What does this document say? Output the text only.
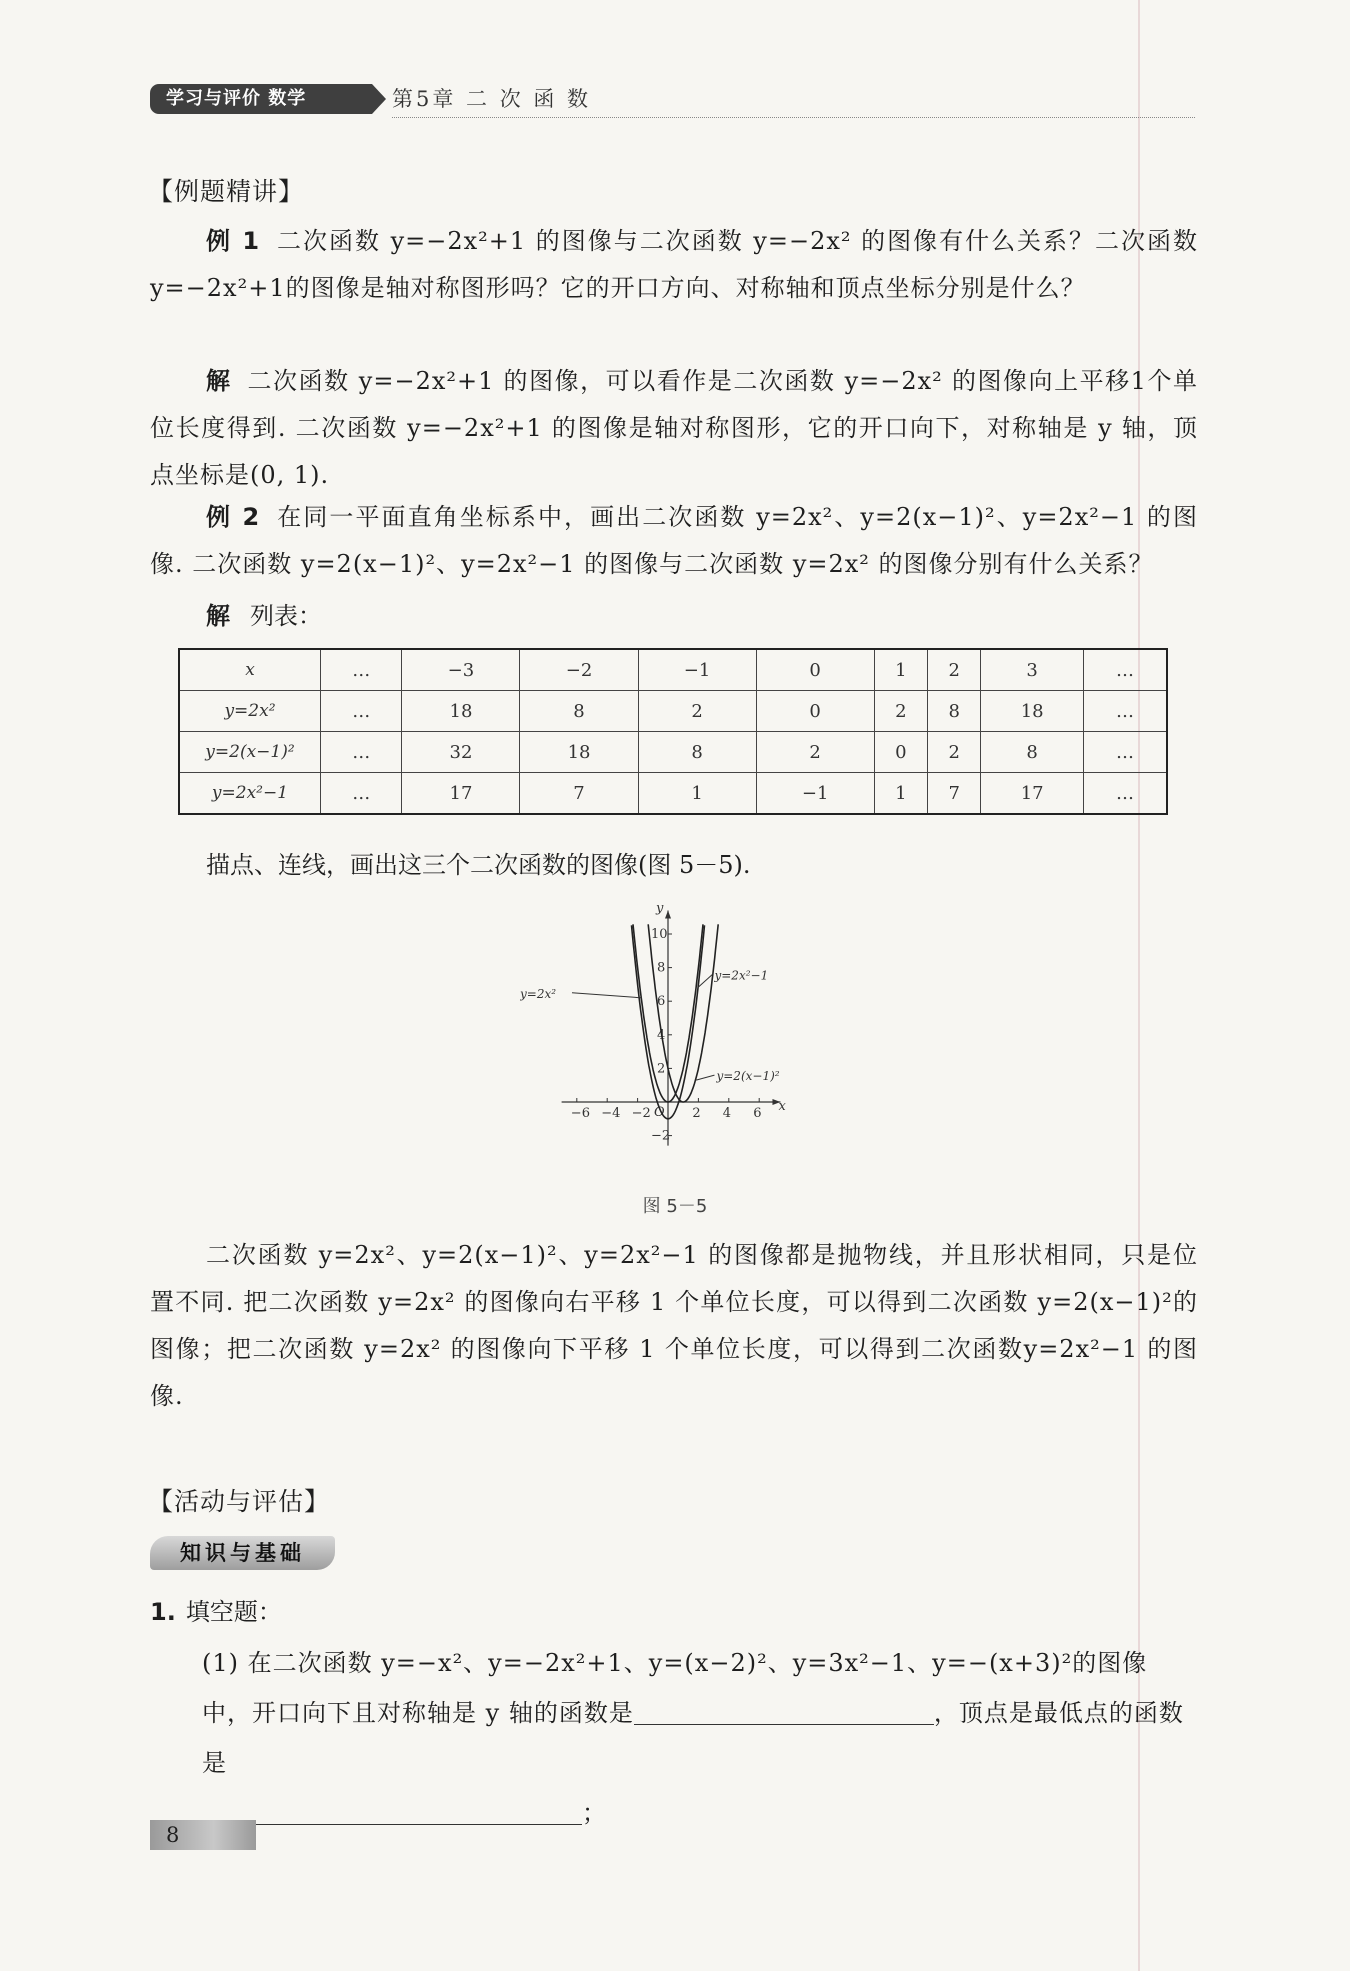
学习与评价 数学	第5章 二 次 函 数
【例题精讲】
例 1 二次函数 y=−2x²+1 的图像与二次函数 y=−2x² 的图像有什么关系？二次函数y=−2x²+1的图像是轴对称图形吗？它的开口方向、对称轴和顶点坐标分别是什么？
解 二次函数 y=−2x²+1 的图像，可以看作是二次函数 y=−2x² 的图像向上平移1个单位长度得到. 二次函数 y=−2x²+1 的图像是轴对称图形，它的开口向下，对称轴是 y 轴，顶点坐标是(0, 1).
例 2 在同一平面直角坐标系中，画出二次函数 y=2x²、y=2(x−1)²、y=2x²−1 的图像. 二次函数 y=2(x−1)²、y=2x²−1 的图像与二次函数 y=2x² 的图像分别有什么关系？
解 列表：
x	…	−3	−2	−1	0	1	2	3	…
y=2x²	…	18	8	2	0	2	8	18	…
y=2(x−1)²	…	32	18	8	2	0	2	8	…
y=2x²−1	…	17	7	1	−1	1	7	17	…
描点、连线，画出这三个二次函数的图像(图 5－5).
x
y
O
−6 −4 −2	2 4 6
10
8
6
4
2
−2
y=2x²
y=2x²−1
y=2(x−1)²
图 5－5
二次函数 y=2x²、y=2(x−1)²、y=2x²−1 的图像都是抛物线，并且形状相同，只是位置不同. 把二次函数 y=2x² 的图像向右平移 1 个单位长度，可以得到二次函数 y=2(x−1)²的图像；把二次函数 y=2x² 的图像向下平移 1 个单位长度，可以得到二次函数y=2x²−1 的图像.
【活动与评估】
知识与基础
1. 填空题：
(1) 在二次函数 y=−x²、y=−2x²+1、y=(x−2)²、y=3x²−1、y=−(x+3)²的图像中，开口向下且对称轴是 y 轴的函数是	，顶点是最低点的函数是
；
8
